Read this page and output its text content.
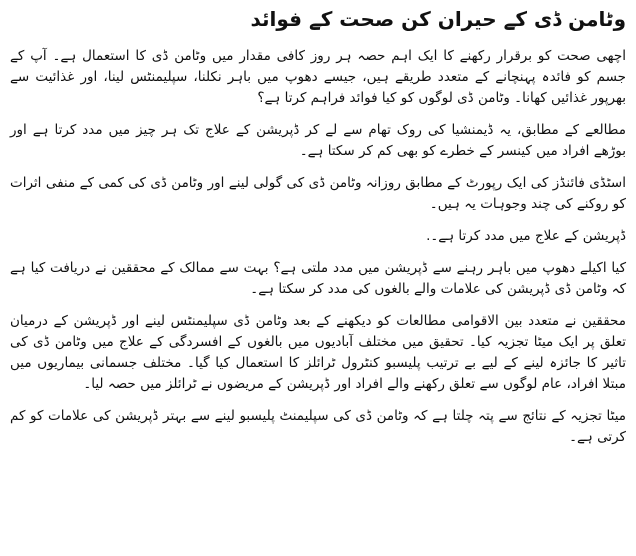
وٹامن ڈی کے حیران کن صحت کے فوائد

اچھی صحت کو برقرار رکھنے کا ایک اہم حصہ ہر روز کافی مقدار میں وٹامن ڈی کا استعمال ہے۔ آپ کے جسم کو فائدہ پہنچانے کے متعدد طریقے ہیں، جیسے دھوپ میں باہر نکلنا، سپلیمنٹس لینا، اور غذائیت سے بھرپور غذائیں کھانا۔ وٹامن ڈی لوگوں کو کیا فوائد فراہم کرتا ہے؟

مطالعے کے مطابق، یہ ڈیمنشیا کی روک تھام سے لے کر ڈپریشن کے علاج تک ہر چیز میں مدد کرتا ہے اور بوڑھے افراد میں کینسر کے خطرے کو بھی کم کر سکتا ہے۔

اسٹڈی فائنڈز کی ایک رپورٹ کے مطابق روزانہ وٹامن ڈی کی گولی لینے اور وٹامن ڈی کی کمی کے منفی اثرات کو روکنے کی چند وجوہات یہ ہیں۔

ڈپریشن کے علاج میں مدد کرتا ہے۔.

کیا اکیلے دھوپ میں باہر رہنے سے ڈپریشن میں مدد ملتی ہے؟ بہت سے ممالک کے محققین نے دریافت کیا ہے کہ وٹامن ڈی ڈپریشن کی علامات والے بالغوں کی مدد کر سکتا ہے۔

محققین نے متعدد بین الاقوامی مطالعات کو دیکھنے کے بعد وٹامن ڈی سپلیمنٹس لینے اور ڈپریشن کے درمیان تعلق پر ایک میٹا تجزیہ کیا۔ تحقیق میں مختلف آبادیوں میں بالغوں کے افسردگی کے علاج میں وٹامن ڈی کی تاثیر کا جائزہ لینے کے لیے بے ترتیب پلیسبو کنٹرول ٹرائلز کا استعمال کیا گیا۔ مختلف جسمانی بیماریوں میں مبتلا افراد، عام لوگوں سے تعلق رکھنے والے افراد اور ڈپریشن کے مریضوں نے ٹرائلز میں حصہ لیا۔

میٹا تجزیہ کے نتائج سے پتہ چلتا ہے کہ وٹامن ڈی کی سپلیمنٹ پلیسبو لینے سے بہتر ڈپریشن کی علامات کو کم کرتی ہے۔
